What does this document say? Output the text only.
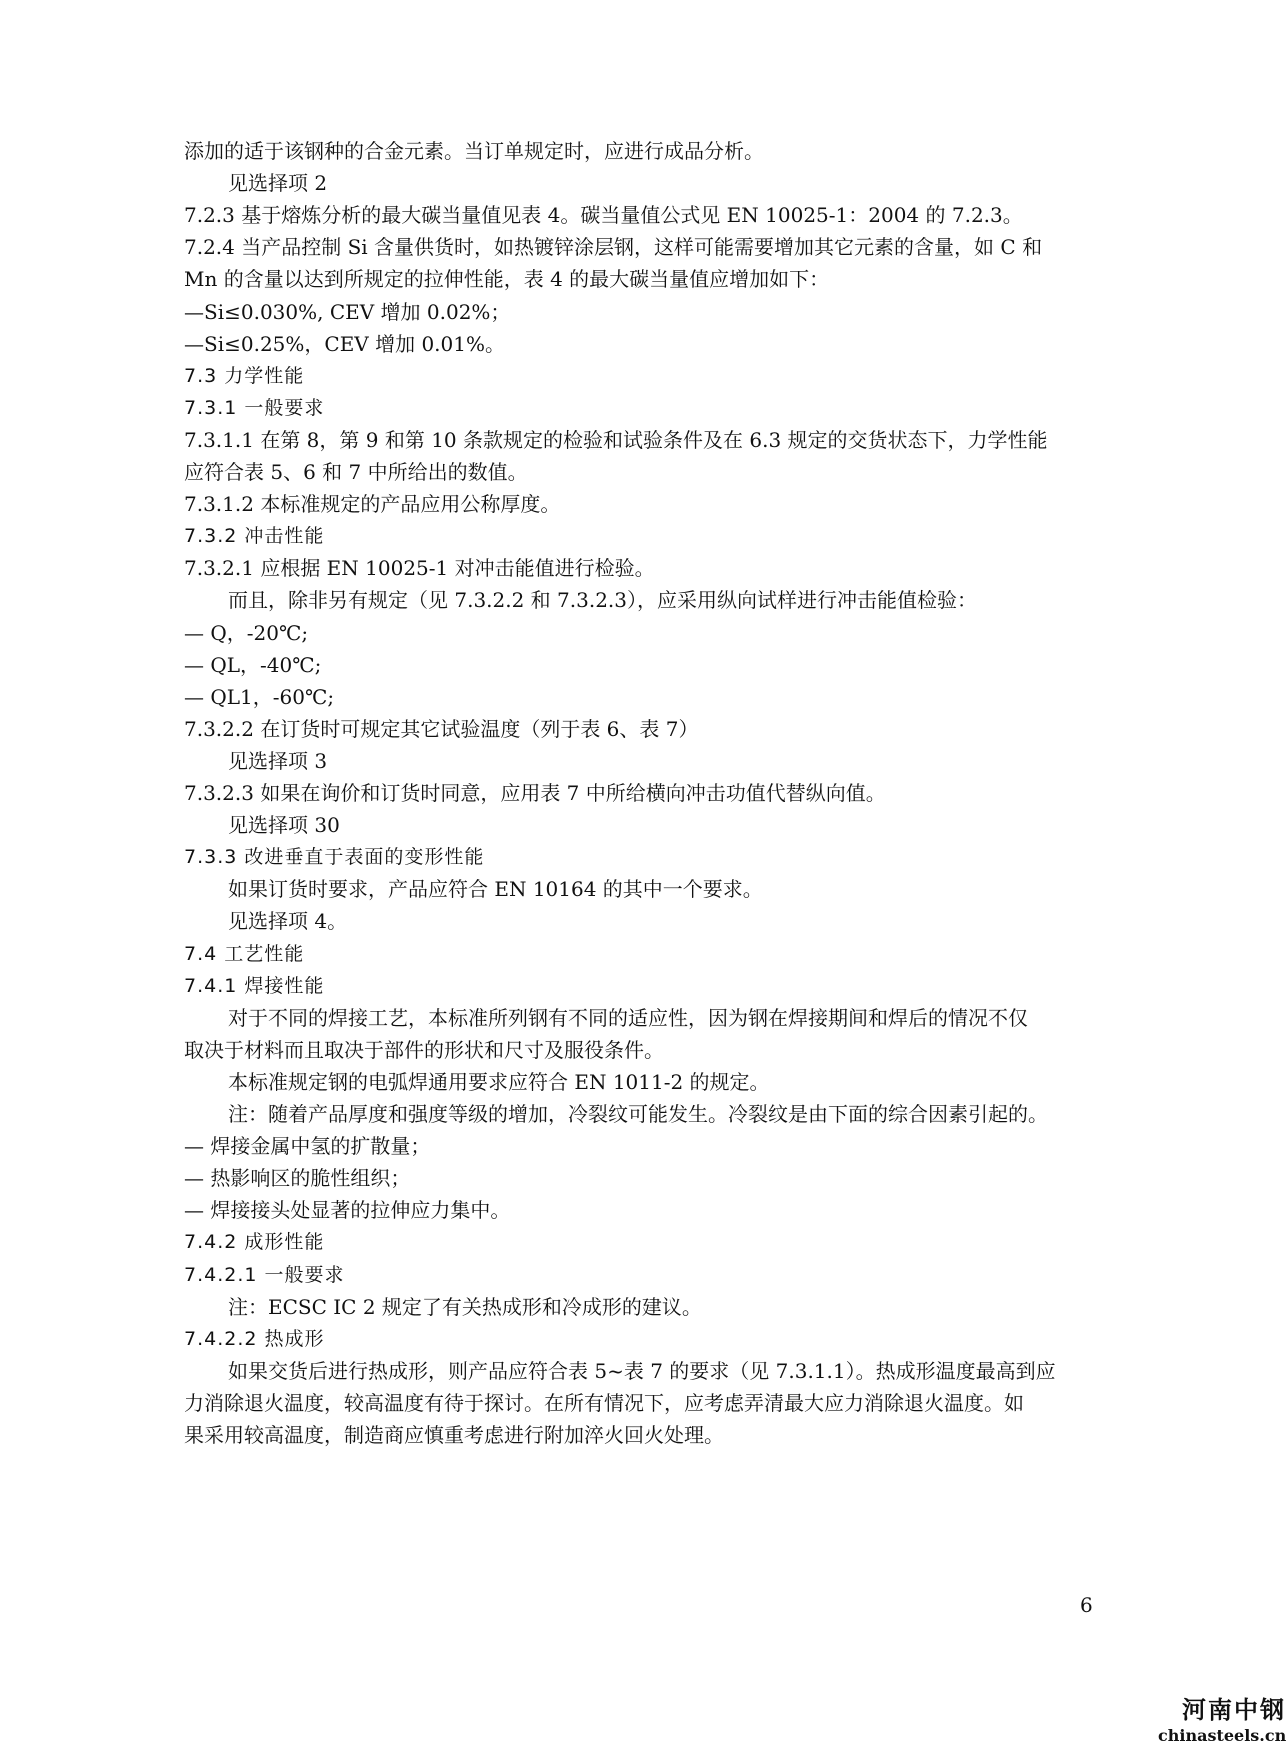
添加的适于该钢种的合金元素。当订单规定时，应进行成品分析。
见选择项 2
7.2.3 基于熔炼分析的最大碳当量值见表 4。碳当量值公式见 EN 10025-1：2004 的 7.2.3。
7.2.4 当产品控制 Si 含量供货时，如热镀锌涂层钢，这样可能需要增加其它元素的含量，如 C 和
Mn 的含量以达到所规定的拉伸性能，表 4 的最大碳当量值应增加如下：
—Si≤0.030%, CEV 增加 0.02%；
—Si≤0.25%，CEV 增加 0.01%。
7.3 力学性能
7.3.1 一般要求
7.3.1.1 在第 8，第 9 和第 10 条款规定的检验和试验条件及在 6.3 规定的交货状态下，力学性能
应符合表 5、6 和 7 中所给出的数值。
7.3.1.2 本标准规定的产品应用公称厚度。
7.3.2 冲击性能
7.3.2.1 应根据 EN 10025-1 对冲击能值进行检验。
而且，除非另有规定（见 7.3.2.2 和 7.3.2.3），应采用纵向试样进行冲击能值检验：
— Q，-20℃;
— QL，-40℃;
— QL1，-60℃;
7.3.2.2 在订货时可规定其它试验温度（列于表 6、表 7）
见选择项 3
7.3.2.3 如果在询价和订货时同意，应用表 7 中所给横向冲击功值代替纵向值。
见选择项 30
7.3.3 改进垂直于表面的变形性能
如果订货时要求，产品应符合 EN 10164 的其中一个要求。
见选择项 4。
7.4 工艺性能
7.4.1 焊接性能
对于不同的焊接工艺，本标准所列钢有不同的适应性，因为钢在焊接期间和焊后的情况不仅
取决于材料而且取决于部件的形状和尺寸及服役条件。
本标准规定钢的电弧焊通用要求应符合 EN 1011-2 的规定。
注：随着产品厚度和强度等级的增加，冷裂纹可能发生。冷裂纹是由下面的综合因素引起的。
— 焊接金属中氢的扩散量；
— 热影响区的脆性组织；
— 焊接接头处显著的拉伸应力集中。
7.4.2 成形性能
7.4.2.1 一般要求
注：ECSC IC 2 规定了有关热成形和冷成形的建议。
7.4.2.2 热成形
如果交货后进行热成形，则产品应符合表 5~表 7 的要求（见 7.3.1.1）。热成形温度最高到应
力消除退火温度，较高温度有待于探讨。在所有情况下，应考虑弄清最大应力消除退火温度。如
果采用较高温度，制造商应慎重考虑进行附加淬火回火处理。
6
河南中钢
chinasteels.cn
